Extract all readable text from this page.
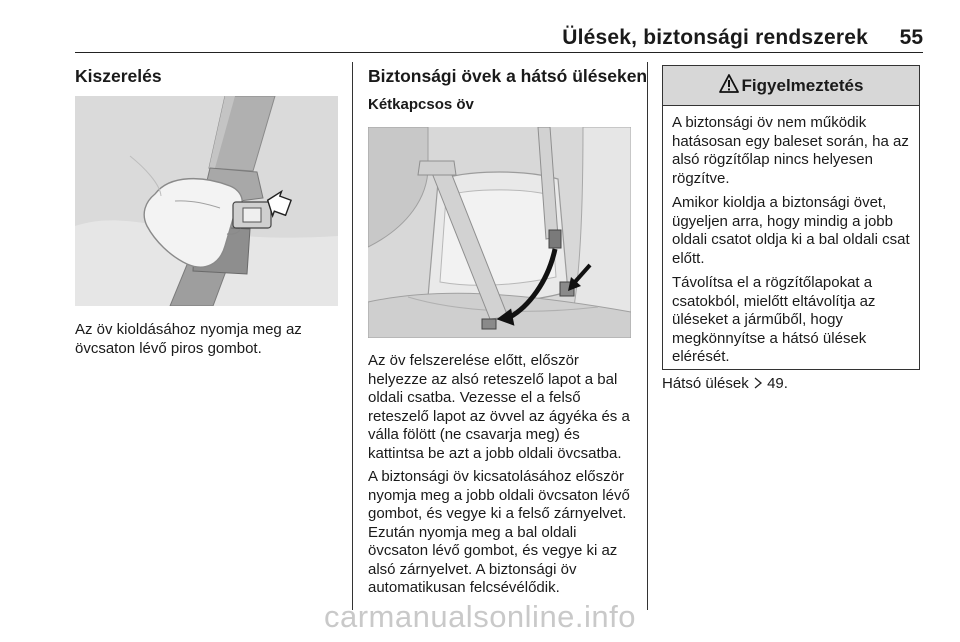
Ülések, biztonsági rendszerek 55
Kiszerelés
Az öv kioldásához nyomja meg az övcsaton lévő piros gombot.
Biztonsági övek a hátsó üléseken
Kétkapcsos öv

Az öv felszerelése előtt, először helyezze az alsó reteszelő lapot a bal oldali csatba. Vezesse el a felső reteszelő lapot az övvel az ágyéka és a válla fölött (ne csavarja meg) és kattintsa be azt a jobb oldali övcsatba.

A biztonsági öv kicsatolásához először nyomja meg a jobb oldali övcsaton lévő gombot, és vegye ki a felső zárnyelvet. Ezután nyomja meg a bal oldali övcsaton lévő gombot, és vegye ki az alsó zárnyelvet. A biztonsági öv automatikusan felcsévélődik.

Figyelmeztetés

A biztonsági öv nem működik hatásosan egy baleset során, ha az alsó rögzítőlap nincs helyesen rögzítve.

Amikor kioldja a biztonsági övet, ügyeljen arra, hogy mindig a jobb oldali csatot oldja ki a bal oldali csat előtt.

Távolítsa el a rögzítőlapokat a csatokból, mielőtt eltávolítja az üléseket a járműből, hogy megkönnyítse a hátsó ülések elérését.

Hátsó ülések 49.
carmanualsonline.info
